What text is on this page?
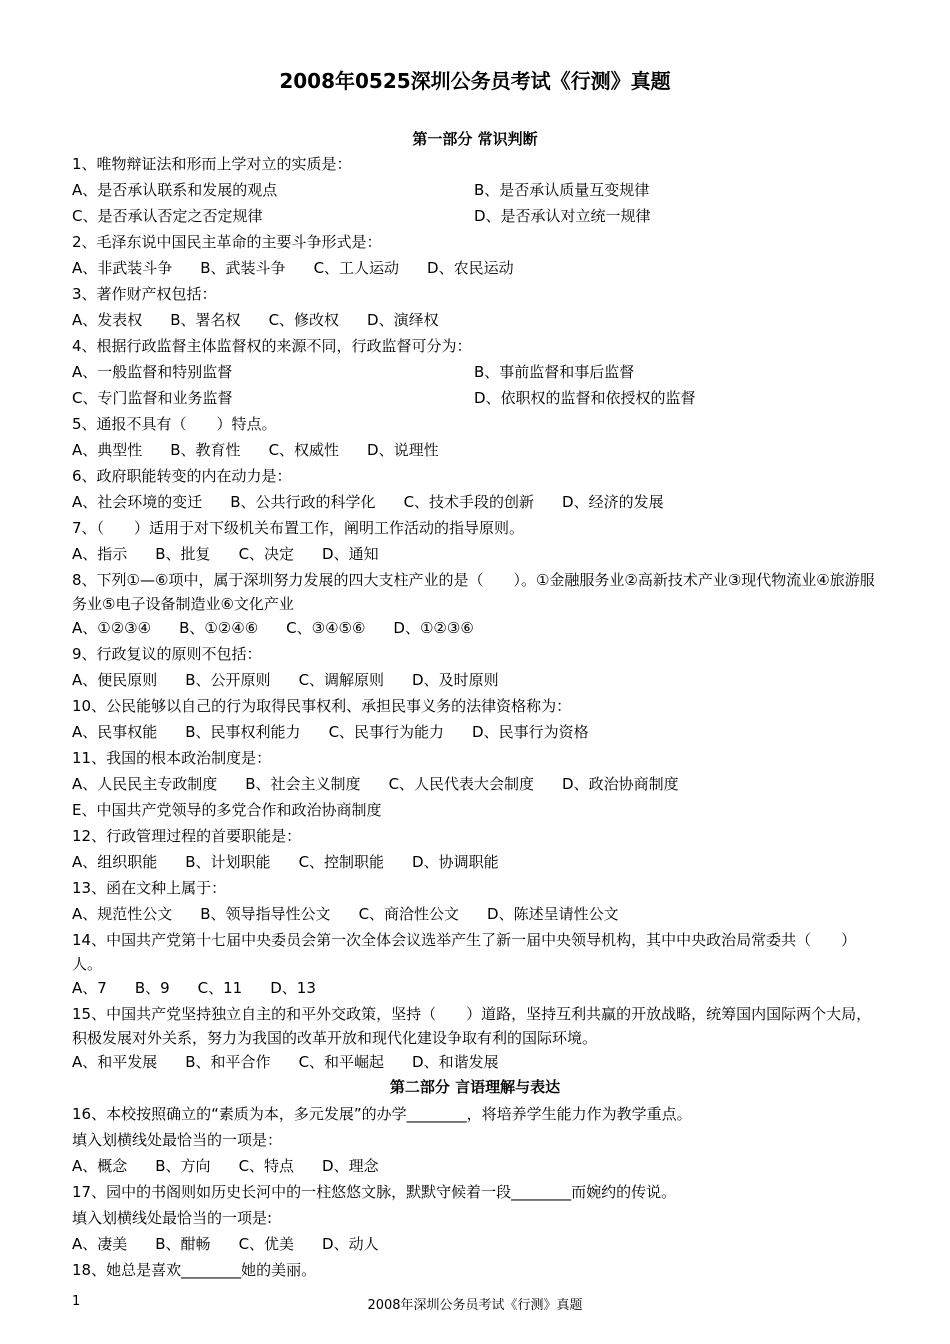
2008年0525深圳公务员考试《行测》真题
第一部分 常识判断
1、唯物辩证法和形而上学对立的实质是：
A、是否承认联系和发展的观点	B、是否承认质量互变规律
C、是否承认否定之否定规律	D、是否承认对立统一规律
2、毛泽东说中国民主革命的主要斗争形式是：
A、非武装斗争 B、武装斗争 C、工人运动 D、农民运动
3、著作财产权包括：
A、发表权 B、署名权 C、修改权 D、演绎权
4、根据行政监督主体监督权的来源不同，行政监督可分为：
A、一般监督和特别监督	B、事前监督和事后监督
C、专门监督和业务监督	D、依职权的监督和依授权的监督
5、通报不具有（　　）特点。
A、典型性 B、教育性 C、权威性 D、说理性
6、政府职能转变的内在动力是：
A、社会环境的变迁 B、公共行政的科学化 C、技术手段的创新 D、经济的发展
7、（　　）适用于对下级机关布置工作，阐明工作活动的指导原则。
A、指示 B、批复 C、决定 D、通知
8、下列①—⑥项中，属于深圳努力发展的四大支柱产业的是（　　）。①金融服务业②高新技术产业③现代物流业④旅游服务业⑤电子设备制造业⑥文化产业
A、①②③④ B、①②④⑥ C、③④⑤⑥ D、①②③⑥
9、行政复议的原则不包括：
A、便民原则 B、公开原则 C、调解原则 D、及时原则
10、公民能够以自己的行为取得民事权利、承担民事义务的法律资格称为：
A、民事权能 B、民事权利能力 C、民事行为能力 D、民事行为资格
11、我国的根本政治制度是：
A、人民民主专政制度 B、社会主义制度 C、人民代表大会制度 D、政治协商制度
E、中国共产党领导的多党合作和政治协商制度
12、行政管理过程的首要职能是：
A、组织职能 B、计划职能 C、控制职能 D、协调职能
13、函在文种上属于：
A、规范性公文 B、领导指导性公文 C、商洽性公文 D、陈述呈请性公文
14、中国共产党第十七届中央委员会第一次全体会议选举产生了新一届中央领导机构，其中中央政治局常委共（　　）人。
A、7 B、9 C、11 D、13
15、中国共产党坚持独立自主的和平外交政策，坚持（　　）道路，坚持互利共赢的开放战略，统筹国内国际两个大局，积极发展对外关系，努力为我国的改革开放和现代化建设争取有利的国际环境。
A、和平发展 B、和平合作 C、和平崛起 D、和谐发展
第二部分 言语理解与表达
16、本校按照确立的“素质为本，多元发展”的办学________，将培养学生能力作为教学重点。
填入划横线处最恰当的一项是：
A、概念 B、方向 C、特点 D、理念
17、园中的书阁则如历史长河中的一柱悠悠文脉，默默守候着一段________而婉约的传说。
填入划横线处最恰当的一项是:
A、凄美 B、酣畅 C、优美 D、动人
18、她总是喜欢________她的美丽。
1	2008年深圳公务员考试《行测》真题
